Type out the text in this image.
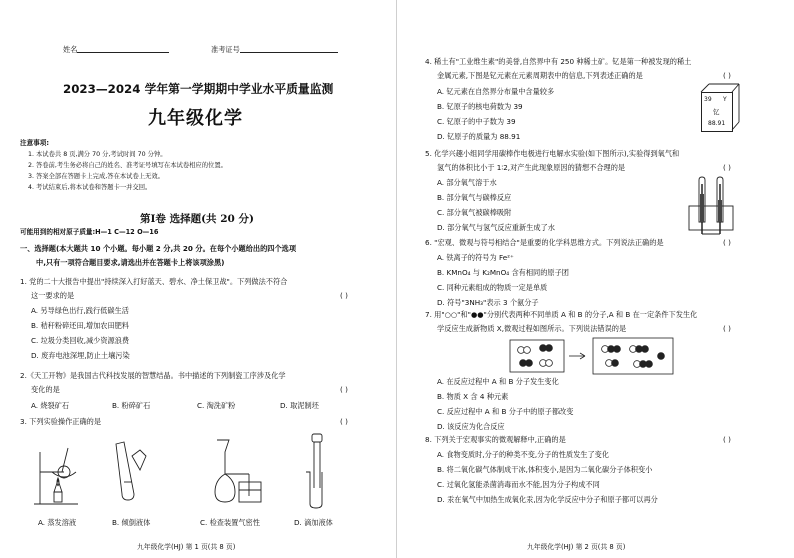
姓名	准考证号
2023—2024 学年第一学期期中学业水平质量监测
九年级化学
注意事项:
1. 本试卷共 8 页,满分 70 分,考试时间 70 分钟。
2. 答卷前,考生务必将自己的姓名、准考证号填写在本试卷相应的位置。
3. 答案全部在答题卡上完成,答在本试卷上无效。
4. 考试结束后,将本试卷和答题卡一并交回。
第Ⅰ卷 选择题(共 20 分)
可能用到的相对原子质量:H—1 C—12 O—16
一、选择题(本大题共 10 个小题。每小题 2 分,共 20 分。在每个小题给出的四个选项
中,只有一项符合题目要求,请选出并在答题卡上将该项涂黑)
1. 党的二十大报告中提出"持续深入打好蓝天、碧水、净土保卫战"。下列做法不符合
这一要求的是	( )
A. 另导绿色出行,践行低碳生活
B. 秸秆粉碎还田,增加农田肥料
C. 垃圾分类回收,减少资源浪费
D. 废弃电池深埋,防止土壤污染
2.《天工开物》是我国古代科技发展的智慧结晶。书中描述的下列制瓷工序涉及化学
变化的是	( )
A. 烧裂矿石	B. 粉碎矿石	C. 淘洗矿粉	D. 取泥制坯
3. 下列实验操作正确的是	( )
A. 蒸发溶液	B. 倾倒液体	C. 检查装置气密性	D. 滴加液体
九年级化学(HJ) 第 1 页(共 8 页)
4. 稀土有"工业维生素"的美誉,自然界中有 250 种稀土矿。钇是第一种被发现的稀土
金属元素,下图是钇元素在元素周期表中的信息,下列表述正确的是	( )
A. 钇元素在自然界分布量中含量较多
B. 钇原子的核电荷数为 39
C. 钇原子的中子数为 39
D. 钇原子的质量为 88.91
39 Y
钇
88.91
5. 化学兴趣小组同学用碳棒作电极进行电解水实验(如下图所示),实验得到氧气和
氢气的体积比小于 1∶2,对产生此现象原因的猜想不合理的是	( )
A. 部分氧气溶于水
B. 部分氧气与碳棒反应
C. 部分氧气被碳棒吸附
D. 部分氧气与氢气反应重新生成了水
6. "宏观、微观与符号相结合"是重要的化学科思维方式。下列说法正确的是	( )
A. 铁离子的符号为 Fe²⁺
B. KMnO₄ 与 K₂MnO₄ 含有相同的原子团
C. 同种元素组成的物质一定是单质
D. 符号"3NH₃"表示 3 个氨分子
7. 用"○○"和"●●"分别代表两种不同单质 A 和 B 的分子,A 和 B 在一定条件下发生化
学反应生成新物质 X,微观过程如图所示。下列说法错误的是	( )
A. 在反应过程中 A 和 B 分子发生变化
B. 物质 X 含 4 种元素
C. 反应过程中 A 和 B 分子中的原子都改变
D. 该反应为化合反应
8. 下列关于宏观事实的微观解释中,正确的是	( )
A. 食物变质时,分子的种类不变,分子的性质发生了变化
B. 将二氧化碳气体制成干冰,体积变小,是因为二氧化碳分子体积变小
C. 过氧化氢能杀菌消毒而水不能,因为分子构成不同
D. 汞在氧气中加热生成氧化汞,因为化学反应中分子和原子都可以再分
九年级化学(HJ) 第 2 页(共 8 页)
